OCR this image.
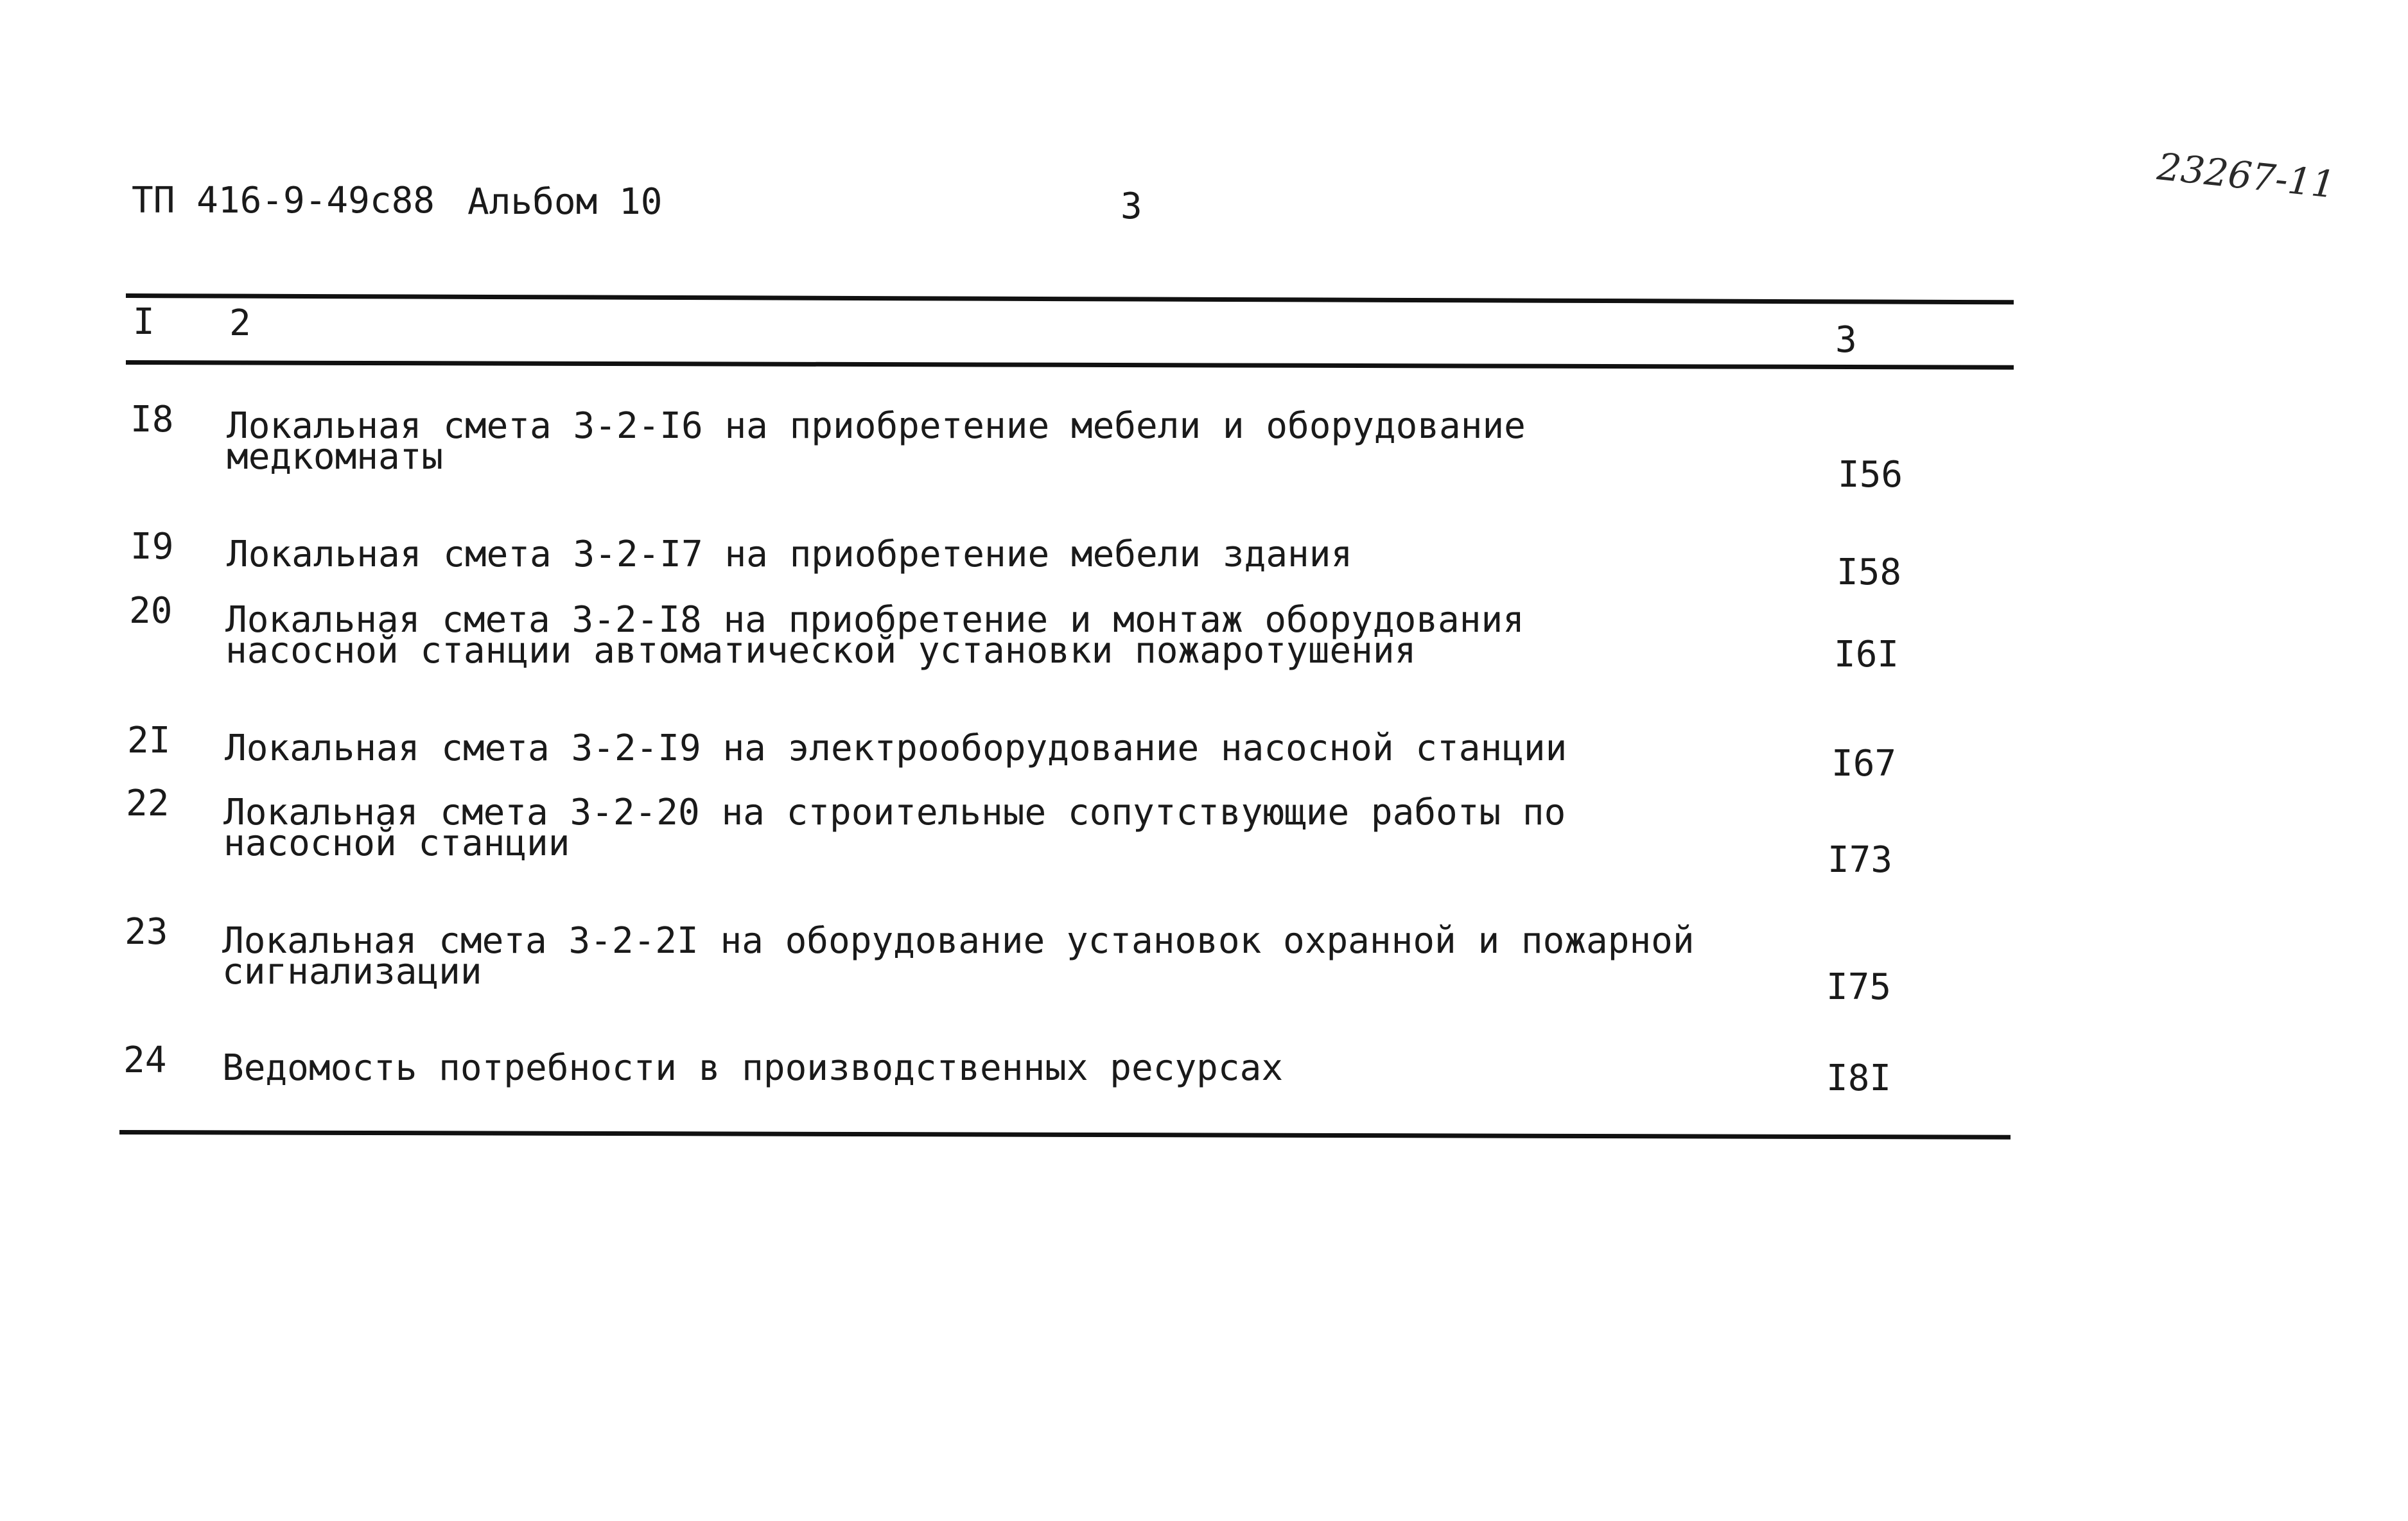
ТП 416-9-49с88 Альбом 10	3	23267-11
I 2	3
I8 Локальная смета 3-2-I6 на приобретение мебели и оборудование
медкомнаты	I56
I9 Локальная смета 3-2-I7 на приобретение мебели здания	I58
20 Локальная смета 3-2-I8 на приобретение и монтаж оборудования
насосной станции автоматической установки пожаротушения	I6I
2I Локальная смета 3-2-I9 на электрооборудование насосной станции	I67
22 Локальная смета 3-2-20 на строительные сопутствующие работы по
насосной станции	I73
23 Локальная смета 3-2-2I на оборудование установок охранной и пожарной
сигнализации	I75
24 Ведомость потребности в производственных ресурсах	I8I
